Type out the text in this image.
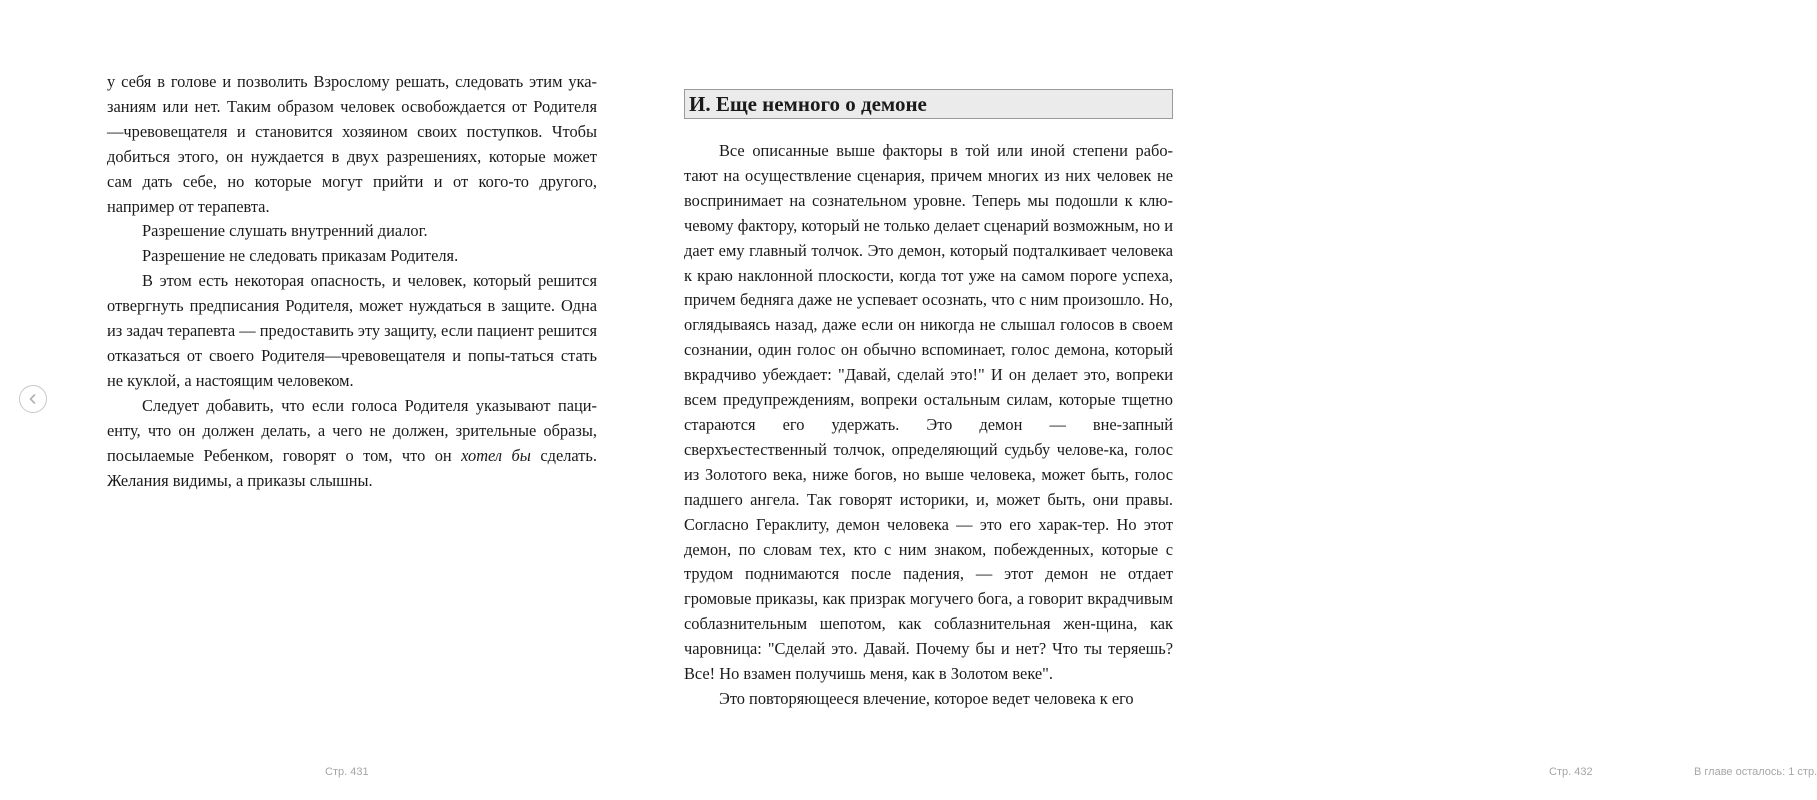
у себя в голове и позволить Взрослому решать, следовать этим ука-заниям или нет. Таким образом человек освобождается от Родителя —чревовещателя и становится хозяином своих поступков. Чтобы добиться этого, он нуждается в двух разрешениях, которые может сам дать себе, но которые могут прийти и от кого-то другого, например от терапевта.

Разрешение слушать внутренний диалог.

Разрешение не следовать приказам Родителя.

В этом есть некоторая опасность, и человек, который решится отвергнуть предписания Родителя, может нуждаться в защите. Одна из задач терапевта — предоставить эту защиту, если пациент решится отказаться от своего Родителя—чревовещателя и попы-таться стать не куклой, а настоящим человеком.

Следует добавить, что если голоса Родителя указывают паци-енту, что он должен делать, а чего не должен, зрительные образы, посылаемые Ребенком, говорят о том, что он хотел бы сделать. Желания видимы, а приказы слышны.

Стр. 431	Стр. 432	В главе осталось: 1 стр.
И. Еще немного о демоне

Все описанные выше факторы в той или иной степени рабо-тают на осуществление сценария, причем многих из них человек не воспринимает на сознательном уровне. Теперь мы подошли к клю-чевому фактору, который не только делает сценарий возможным, но и дает ему главный толчок. Это демон, который подталкивает человека к краю наклонной плоскости, когда тот уже на самом пороге успеха, причем бедняга даже не успевает осознать, что с ним произошло. Но, оглядываясь назад, даже если он никогда не слышал голосов в своем сознании, один голос он обычно вспоминает, голос демона, который вкрадчиво убеждает: "Давай, сделай это!" И он делает это, вопреки всем предупреждениям, вопреки остальным силам, которые тщетно стараются его удержать. Это демон — вне-запный сверхъестественный толчок, определяющий судьбу челове-ка, голос из Золотого века, ниже богов, но выше человека, может быть, голос падшего ангела. Так говорят историки, и, может быть, они правы. Согласно Гераклиту, демон человека — это его харак-тер. Но этот демон, по словам тех, кто с ним знаком, побежденных, которые с трудом поднимаются после падения, — этот демон не отдает громовые приказы, как призрак могучего бога, а говорит вкрадчивым соблазнительным шепотом, как соблазнительная жен-щина, как чаровница: "Сделай это. Давай. Почему бы и нет? Что ты теряешь? Все! Но взамен получишь меня, как в Золотом веке".

Это повторяющееся влечение, которое ведет человека к его
